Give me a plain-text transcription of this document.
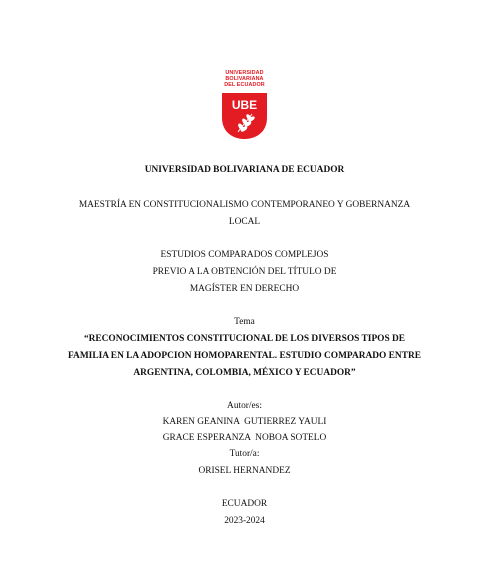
UNIVERSIDAD
BOLIVARIANA
DEL ECUADOR
UBE
UNIVERSIDAD BOLIVARIANA DE ECUADOR
MAESTRÍA EN CONSTITUCIONALISMO CONTEMPORANEO Y GOBERNANZA
LOCAL
ESTUDIOS COMPARADOS COMPLEJOS
PREVIO A LA OBTENCIÓN DEL TÍTULO DE
MAGÍSTER EN DERECHO
Tema
“RECONOCIMIENTOS CONSTITUCIONAL DE LOS DIVERSOS TIPOS DE
FAMILIA EN LA ADOPCION HOMOPARENTAL. ESTUDIO COMPARADO ENTRE
ARGENTINA, COLOMBIA, MÉXICO Y ECUADOR”
Autor/es:
KAREN GEANINA  GUTIERREZ YAULI
GRACE ESPERANZA  NOBOA SOTELO
Tutor/a:
ORISEL HERNANDEZ
ECUADOR
2023-2024
